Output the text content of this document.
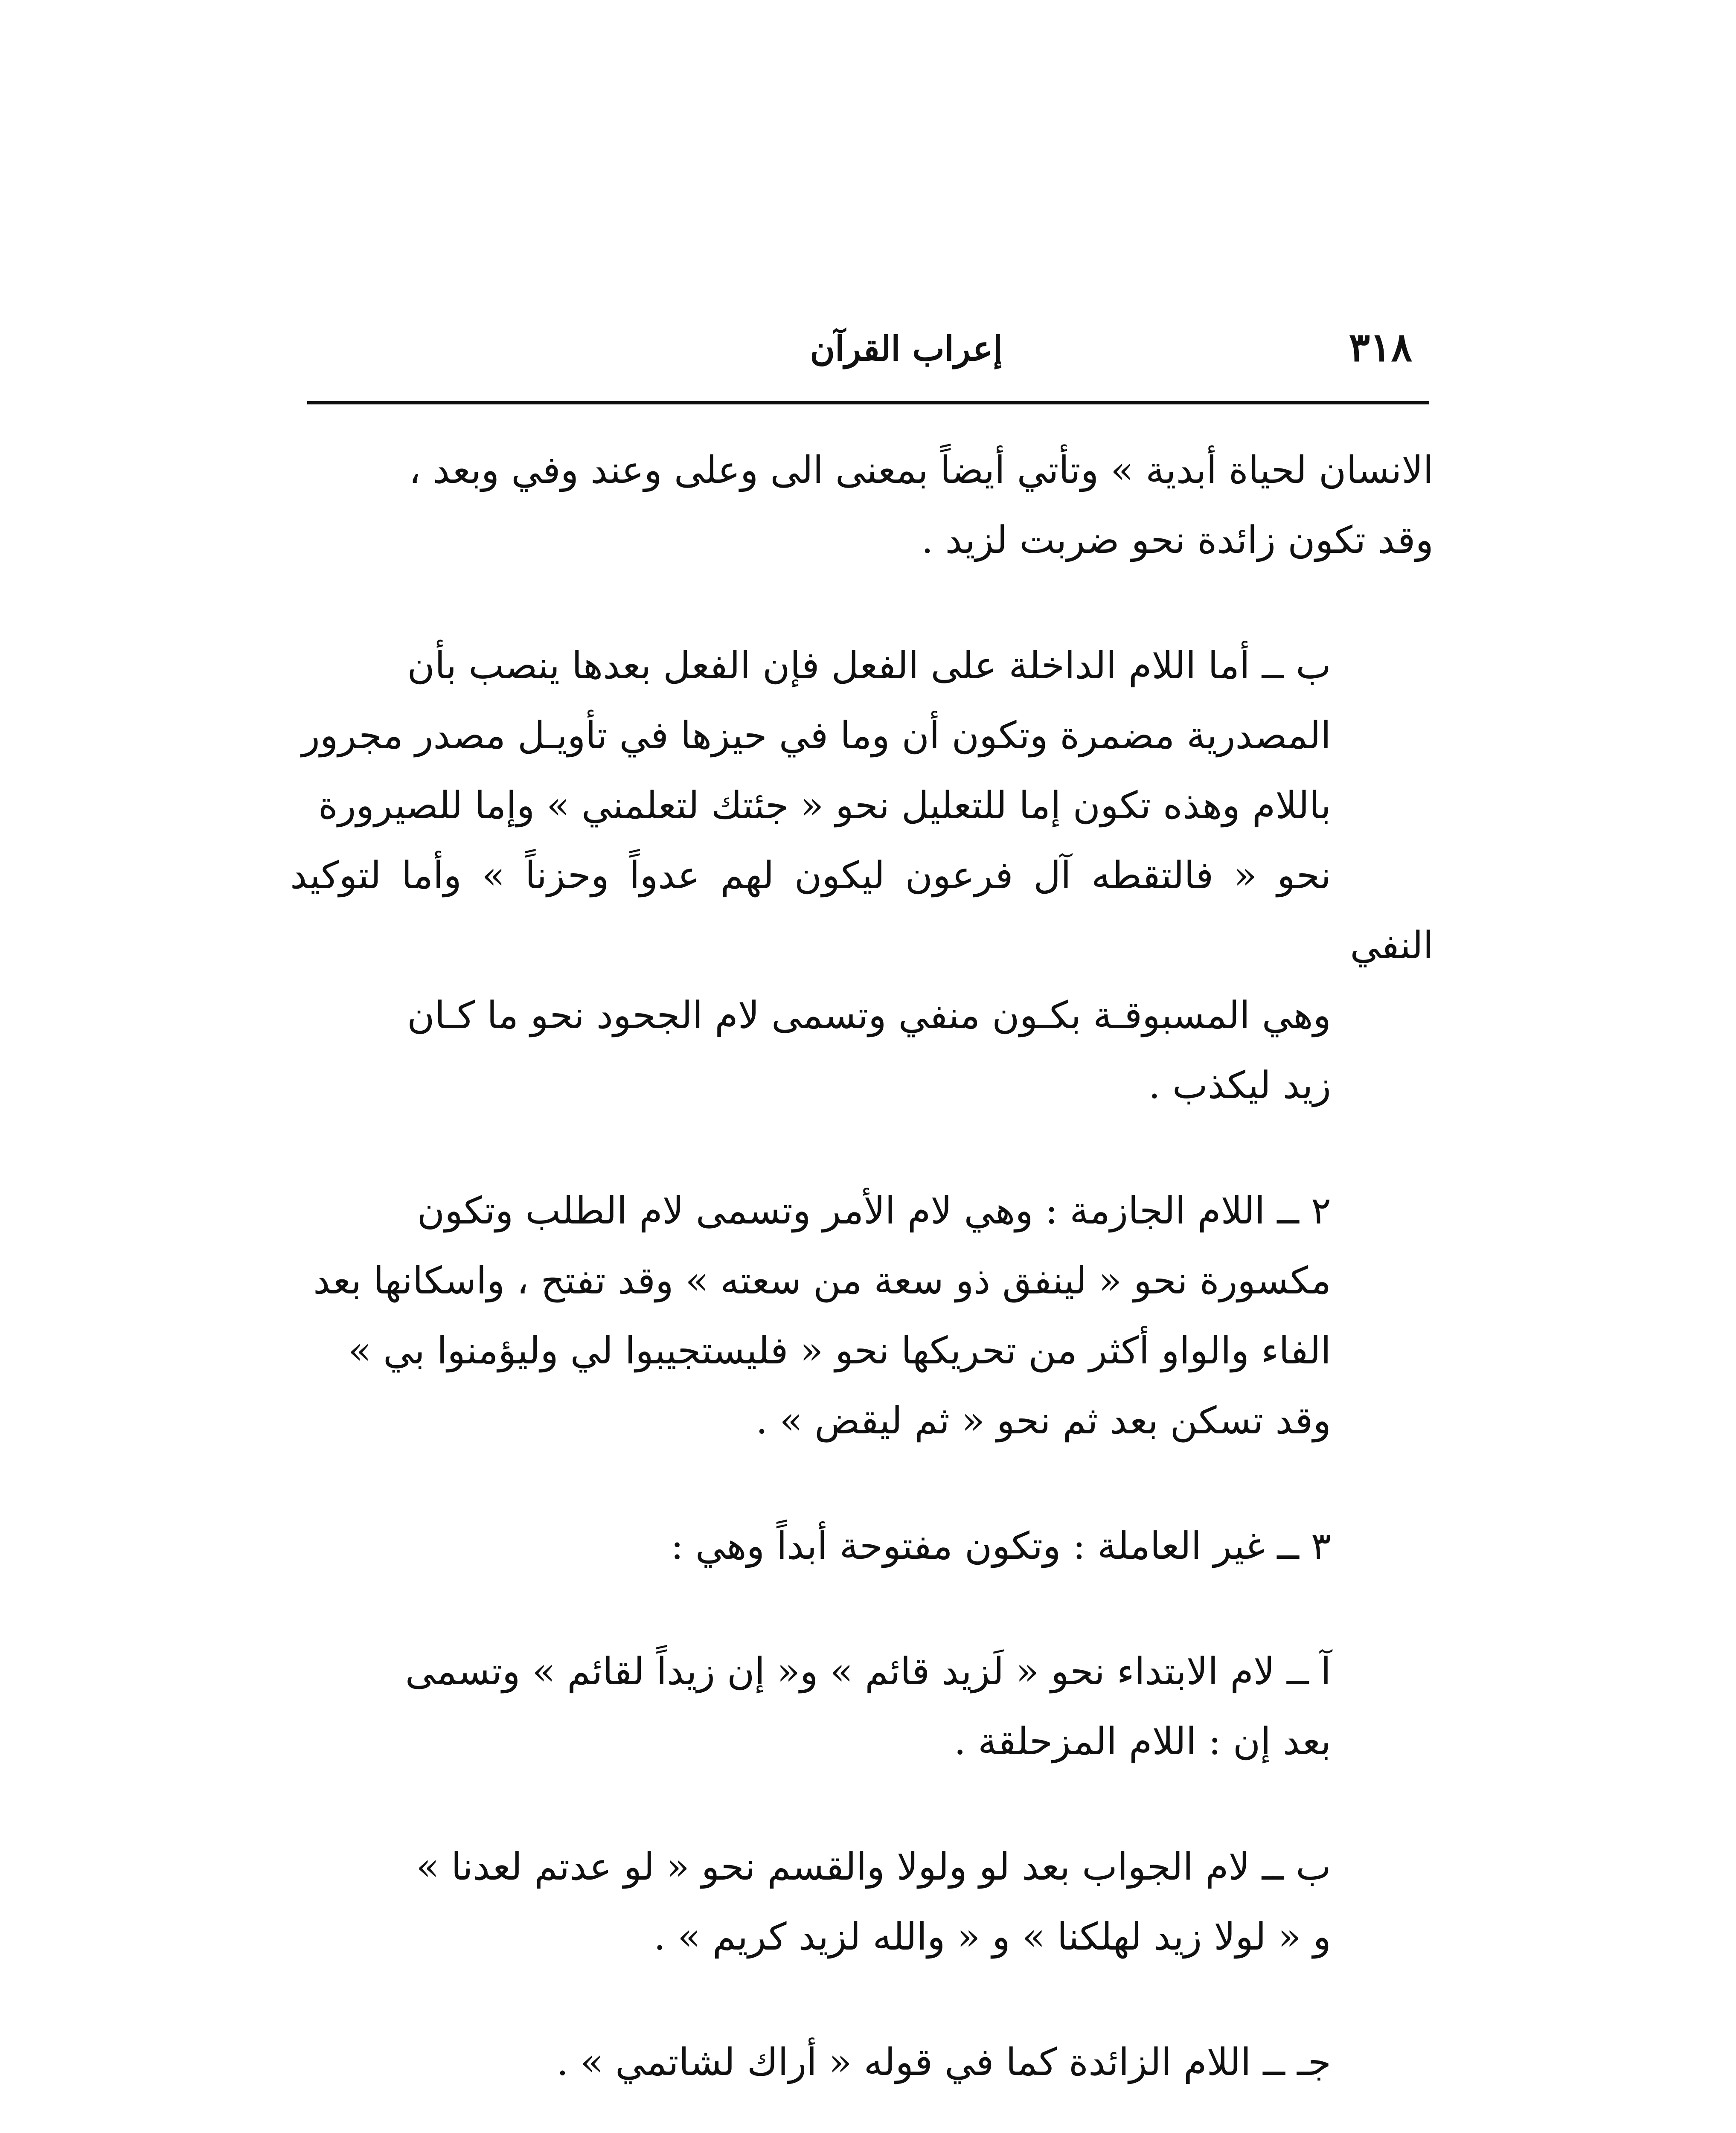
٣١٨
إعراب القرآن

الانسان لحياة أبدية » وتأتي أيضاً بمعنى الى وعلى وعند وفي وبعد ،
وقد تكون زائدة نحو ضربت لزيد .

ب ــ أما اللام الداخلة على الفعل فإن الفعل بعدها ينصب بأن
المصدرية مضمرة وتكون أن وما في حيزها في تأويـل مصدر مجرور
باللام وهذه تكون إما للتعليل نحو « جئتك لتعلمني » وإما للصيرورة
نحو « فالتقطه آل فرعون ليكون لهم عدواً وحزناً » وأما لتوكيد النفي
وهي المسبوقـة بكـون منفي وتسمى لام الجحود نحو ما كـان
زيد ليكذب .

٢ ــ اللام الجازمة : وهي لام الأمر وتسمى لام الطلب وتكون
مكسورة نحو « لينفق ذو سعة من سعته » وقد تفتح ، واسكانها بعد
الفاء والواو أكثر من تحريكها نحو « فليستجيبوا لي وليؤمنوا بي »
وقد تسكن بعد ثم نحو « ثم ليقض » .

٣ ــ غير العاملة : وتكون مفتوحة أبداً وهي :

آ ــ لام الابتداء نحو « لَزيد قائم » و« إن زيداً لقائم » وتسمى
بعد إن : اللام المزحلقة .

ب ــ لام الجواب بعد لو ولولا والقسم نحو « لو عدتم لعدنا »
و « لولا زيد لهلكنا » و « والله لزيد كريم » .

جـ ــ اللام الزائدة كما في قوله « أراك لشاتمي » .
